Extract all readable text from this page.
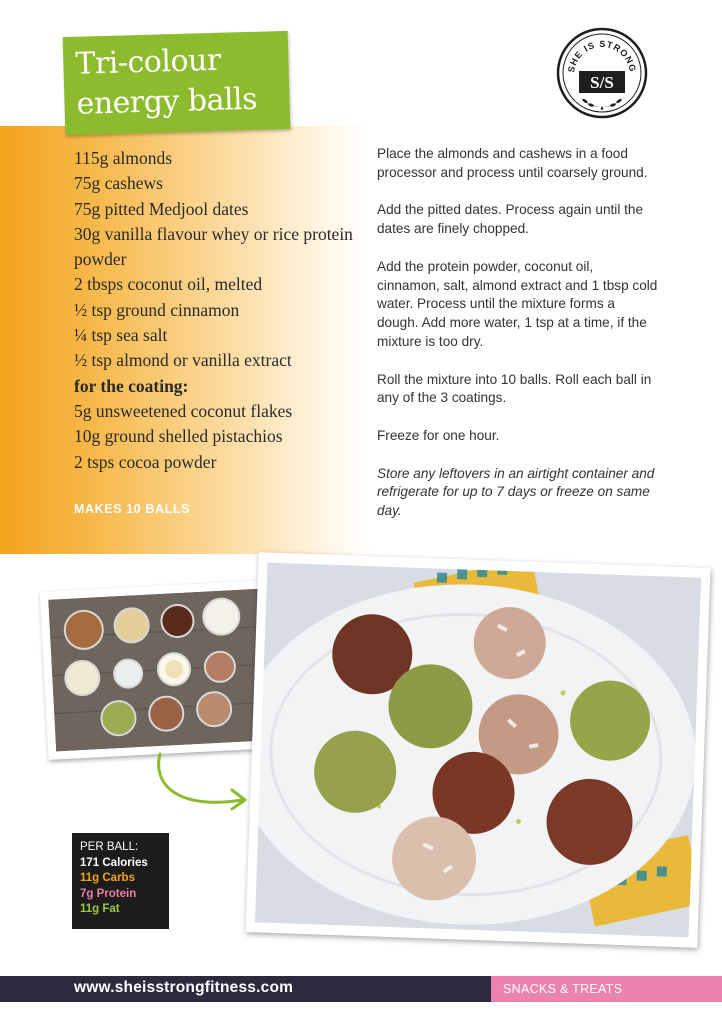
Tri-colour
energy balls
SHE IS STRONG
S/S
115g almonds
75g cashews
75g pitted Medjool dates
30g vanilla flavour whey or rice protein powder
2 tbsps coconut oil, melted
½ tsp ground cinnamon
¼ tsp sea salt
½ tsp almond or vanilla extract
for the coating:
5g unsweetened coconut flakes
10g ground shelled pistachios
2 tsps cocoa powder
MAKES 10 BALLS

Place the almonds and cashews in a food processor and process until coarsely ground.

Add the pitted dates. Process again until the dates are finely chopped.

Add the protein powder, coconut oil, cinnamon, salt, almond extract and 1 tbsp cold water. Process until the mixture forms a dough. Add more water, 1 tsp at a time, if the mixture is too dry.

Roll the mixture into 10 balls. Roll each ball in any of the 3 coatings.

Freeze for one hour.

Store any leftovers in an airtight container and refrigerate for up to 7 days or freeze on same day.

PER BALL:
171 Calories
11g Carbs
7g Protein
11g Fat
www.sheisstrongfitness.com	SNACKS & TREATS
